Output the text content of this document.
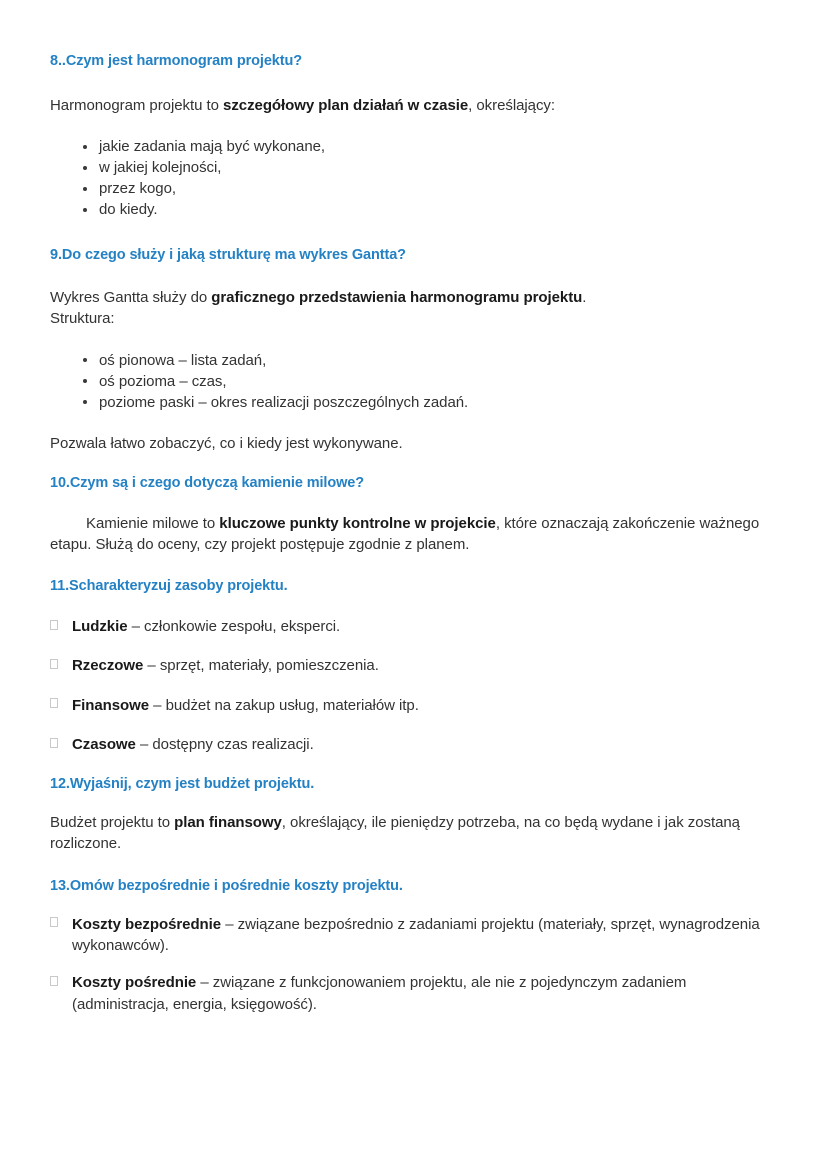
8..Czym jest harmonogram projektu?

Harmonogram projektu to szczegółowy plan działań w czasie, określający:

jakie zadania mają być wykonane,
w jakiej kolejności,
przez kogo,
do kiedy.
9.Do czego służy i jaką strukturę ma wykres Gantta?

Wykres Gantta służy do graficznego przedstawienia harmonogramu projektu.

Struktura:

oś pionowa – lista zadań,
oś pozioma – czas,
poziome paski – okres realizacji poszczególnych zadań.

Pozwala łatwo zobaczyć, co i kiedy jest wykonywane.

10.Czym są i czego dotyczą kamienie milowe?

Kamienie milowe to kluczowe punkty kontrolne w projekcie, które oznaczają zakończenie ważnego etapu. Służą do oceny, czy projekt postępuje zgodnie z planem.

11.Scharakteryzuj zasoby projektu.

Ludzkie – członkowie zespołu, eksperci.

Rzeczowe – sprzęt, materiały, pomieszczenia.

Finansowe – budżet na zakup usług, materiałów itp.

Czasowe – dostępny czas realizacji.

12.Wyjaśnij, czym jest budżet projektu.

Budżet projektu to plan finansowy, określający, ile pieniędzy potrzeba, na co będą wydane i jak zostaną rozliczone.

13.Omów bezpośrednie i pośrednie koszty projektu.

Koszty bezpośrednie – związane bezpośrednio z zadaniami projektu (materiały, sprzęt, wynagrodzenia wykonawców).

Koszty pośrednie – związane z funkcjonowaniem projektu, ale nie z pojedynczym zadaniem (administracja, energia, księgowość).
